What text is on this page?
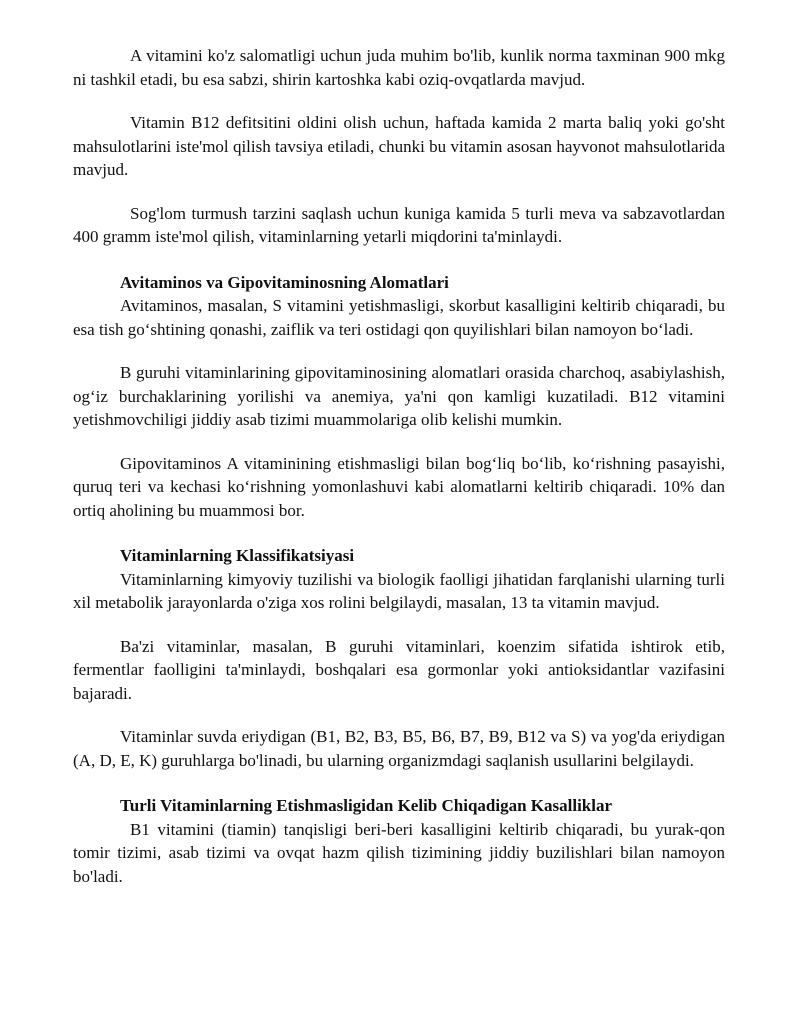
A vitamini ko'z salomatligi uchun juda muhim bo'lib, kunlik norma taxminan 900 mkg ni tashkil etadi, bu esa sabzi, shirin kartoshka kabi oziq-ovqatlarda mavjud.

Vitamin B12 defitsitini oldini olish uchun, haftada kamida 2 marta baliq yoki go'sht mahsulotlarini iste'mol qilish tavsiya etiladi, chunki bu vitamin asosan hayvonot mahsulotlarida mavjud.

Sog'lom turmush tarzini saqlash uchun kuniga kamida 5 turli meva va sabzavotlardan 400 gramm iste'mol qilish, vitaminlarning yetarli miqdorini ta'minlaydi.

Avitaminos va Gipovitaminosning Alomatlari

Avitaminos, masalan, S vitamini yetishmasligi, skorbut kasalligini keltirib chiqaradi, bu esa tish go‘shtining qonashi, zaiflik va teri ostidagi qon quyilishlari bilan namoyon bo‘ladi.

B guruhi vitaminlarining gipovitaminosining alomatlari orasida charchoq, asabiylashish, og‘iz burchaklarining yorilishi va anemiya, ya'ni qon kamligi kuzatiladi. B12 vitamini yetishmovchiligi jiddiy asab tizimi muammolariga olib kelishi mumkin.

Gipovitaminos A vitaminining etishmasligi bilan bog‘liq bo‘lib, ko‘rishning pasayishi, quruq teri va kechasi ko‘rishning yomonlashuvi kabi alomatlarni keltirib chiqaradi. 10% dan ortiq aholining bu muammosi bor.

Vitaminlarning Klassifikatsiyasi

Vitaminlarning kimyoviy tuzilishi va biologik faolligi jihatidan farqlanishi ularning turli xil metabolik jarayonlarda o'ziga xos rolini belgilaydi, masalan, 13 ta vitamin mavjud.

Ba'zi vitaminlar, masalan, B guruhi vitaminlari, koenzim sifatida ishtirok etib, fermentlar faolligini ta'minlaydi, boshqalari esa gormonlar yoki antioksidantlar vazifasini bajaradi.

Vitaminlar suvda eriydigan (B1, B2, B3, B5, B6, B7, B9, B12 va S) va yog'da eriydigan (A, D, E, K) guruhlarga bo'linadi, bu ularning organizmdagi saqlanish usullarini belgilaydi.

Turli Vitaminlarning Etishmasligidan Kelib Chiqadigan Kasalliklar

B1 vitamini (tiamin) tanqisligi beri-beri kasalligini keltirib chiqaradi, bu yurak-qon tomir tizimi, asab tizimi va ovqat hazm qilish tizimining jiddiy buzilishlari bilan namoyon bo'ladi.
